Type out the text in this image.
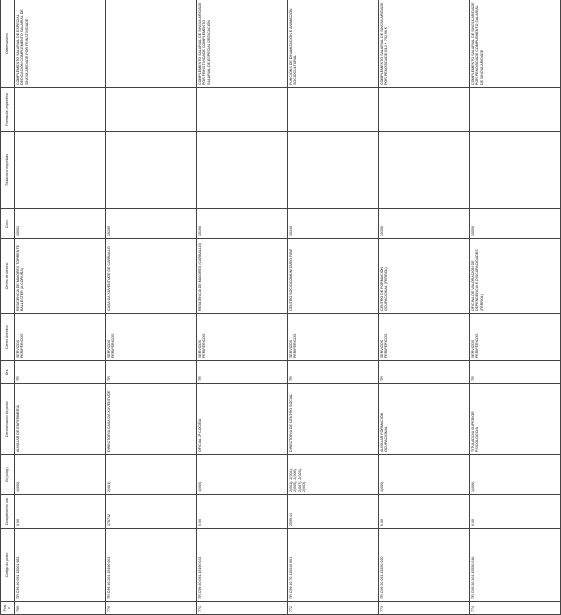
Posto	Código do posto	Complemento cdc	Gr.(cubg.)	Denominación do posto	Ors.	Centro directivo	Centro de destino	Conc.	Titulacións requiridas	Formación específica	Observacións
769	TR.C99.40.091.15001.983	0.00	4(000)	AUXILIAR DE ENFERMERÍA	TR	SERVIZOS PERIFÉRICOS	RESIDENCIA DE MAIORES TORRENTE BALLESTER (A CORUÑA)	15001			COMPLEMENTO SALARIAL DE ESPECIAL DEDICACIÓN COMPLEMENTO SALARIAL DE SINGULARIDADE POR FEINSTIVIDADE
770	TR.C99.40.201.15190.001	178712	2(001)	DIRECTOR/A CASA DA XUVENTUDE	TR	SERVIZOS PERIFÉRICOS	CASA DA XUVENTUDE DE CARBALLO	15190			
771	TR.C99.40.091.15190.023	0.00	4(000)	OFICIAL 2ª COCIÑA	TR	SERVIZOS PERIFÉRICOS	RESIDENCIA DE MAIORES (CARBALLO)	15190			COMPLEMENTO SALARIAL DE SINGULARIDADE POR FEINSTIVIDADE COMPLEMENTO SALARIAL DE ESPECIAL DEDICACIÓN
772	TR.C99.40.70.115340.001	2590.44	2(001), 2(004), 2(005), 2(006), 2(007), 2(026), 2(003)	DIRECTOR/A DE CENTRO SOCIAL	TR	SERVIZOS PERIFÉRICOS	CENTRO SOCIOCOMUNITARIO FIBE	15340			FUNCIÓNS DE DINAMIZACIÓN E ANIMACIÓN SOCIOCULTURAL
773	TR.C99.20.091.15350.020	0.00	4(000)	AUXILIAR FORMACIÓN OCUPACIONAL	TR	SERVIZOS PERIFÉRICOS	CENTRO DE FORMACIÓN OCUPACIONAL (FERROL)	15350			COMPLEMENTO SALARIAL DE SINGULARIDADE POR PENOSIDADE B12 + 792,96 €
774	TR.C99.30.101.15550.016	0.00	1(006)	TITULADO/A SUPERIOR PSICÓLOGO/A	TR	SERVIZOS PERIFÉRICOS	OFICINA DE VALORACIÓN DE DEPENDENCIA E DISCAPACIDADES (FERROL)	15550			COMPLEMENTO SALARIAL DE SINGULARIDADE POR PENOSIDADE COMPLEMENTO SALARIAL DE SINGULARIDADE
